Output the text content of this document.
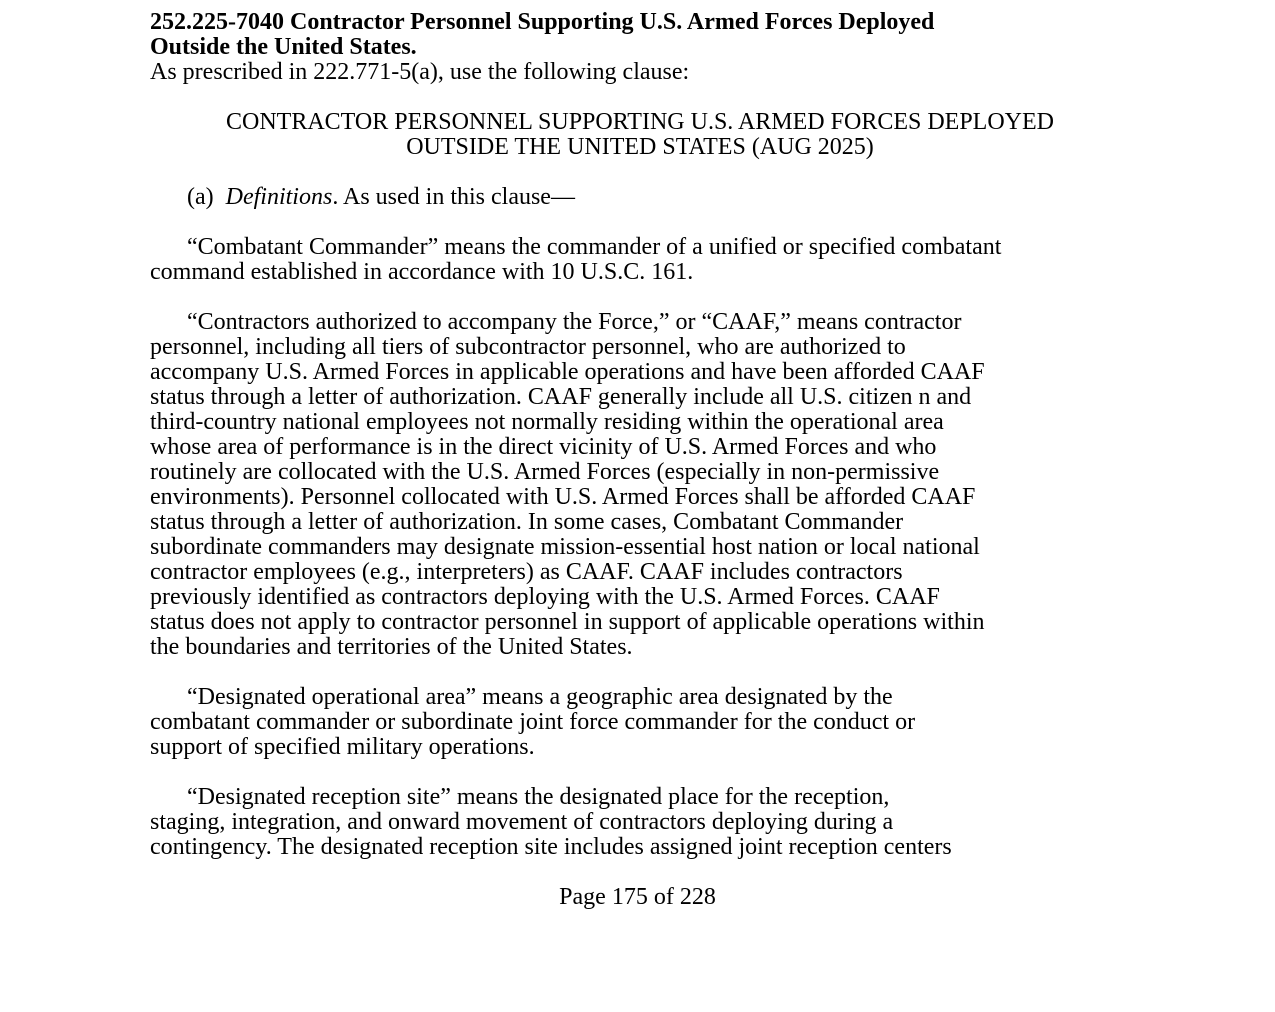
252.225-7040 Contractor Personnel Supporting U.S. Armed Forces Deployed
Outside the United States.
As prescribed in 222.771-5(a), use the following clause:
CONTRACTOR PERSONNEL SUPPORTING U.S. ARMED FORCES DEPLOYED
OUTSIDE THE UNITED STATES (AUG 2025)
(a) Definitions. As used in this clause—
“Combatant Commander” means the commander of a unified or specified combatant
command established in accordance with 10 U.S.C. 161.
“Contractors authorized to accompany the Force,” or “CAAF,” means contractor
personnel, including all tiers of subcontractor personnel, who are authorized to
accompany U.S. Armed Forces in applicable operations and have been afforded CAAF
status through a letter of authorization. CAAF generally include all U.S. citizen n and
third-country national employees not normally residing within the operational area
whose area of performance is in the direct vicinity of U.S. Armed Forces and who
routinely are collocated with the U.S. Armed Forces (especially in non-permissive
environments). Personnel collocated with U.S. Armed Forces shall be afforded CAAF
status through a letter of authorization. In some cases, Combatant Commander
subordinate commanders may designate mission-essential host nation or local national
contractor employees (e.g., interpreters) as CAAF. CAAF includes contractors
previously identified as contractors deploying with the U.S. Armed Forces. CAAF
status does not apply to contractor personnel in support of applicable operations within
the boundaries and territories of the United States.
“Designated operational area” means a geographic area designated by the
combatant commander or subordinate joint force commander for the conduct or
support of specified military operations.
“Designated reception site” means the designated place for the reception,
staging, integration, and onward movement of contractors deploying during a
contingency. The designated reception site includes assigned joint reception centers
Page 175 of 228
